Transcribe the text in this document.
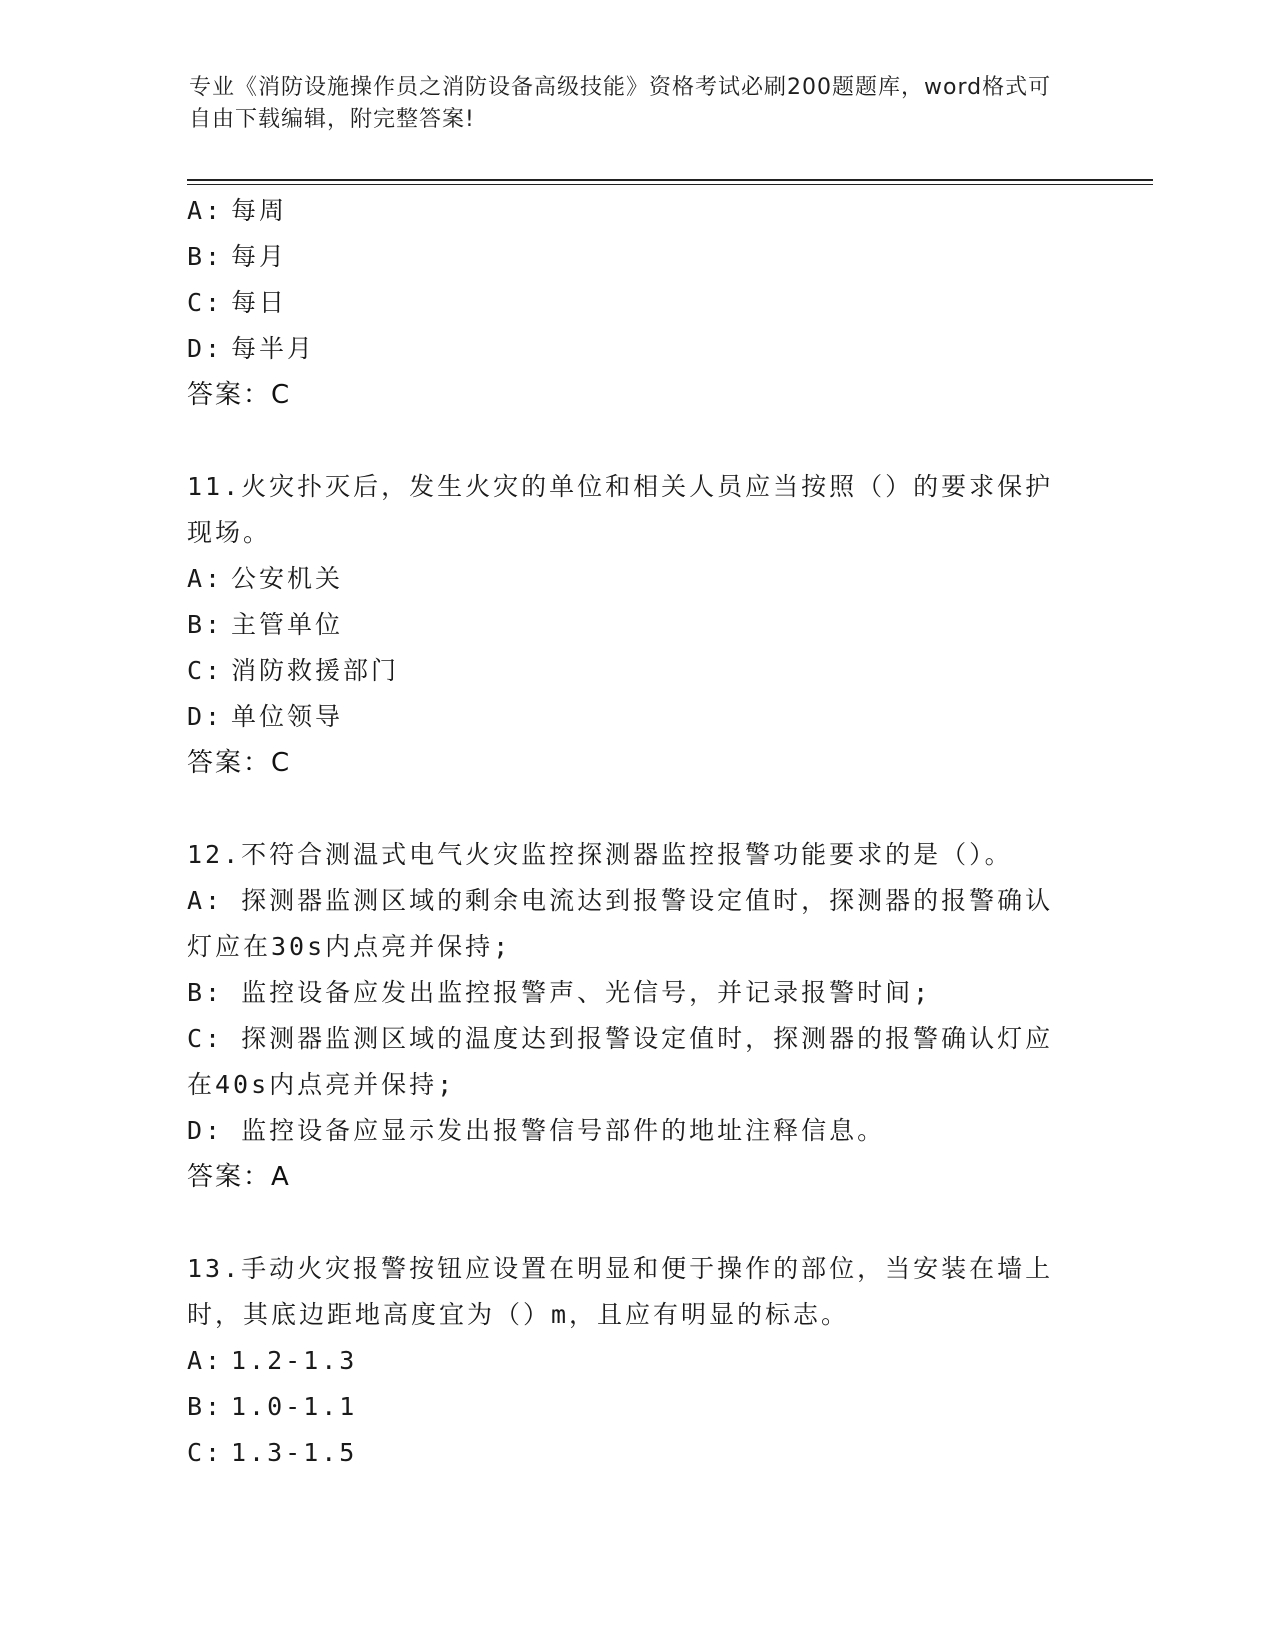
专业《消防设施操作员之消防设备高级技能》资格考试必刷200题题库，word格式可自由下载编辑，附完整答案!
A: 每周
B: 每月
C: 每日
D: 每半月
答案：C
11.火灾扑灭后，发生火灾的单位和相关人员应当按照（）的要求保护
现场。
A: 公安机关
B: 主管单位
C: 消防救援部门
D: 单位领导
答案：C
12.不符合测温式电气火灾监控探测器监控报警功能要求的是（）。
A: 探测器监测区域的剩余电流达到报警设定值时，探测器的报警确认
灯应在30s内点亮并保持;
B: 监控设备应发出监控报警声、光信号，并记录报警时间;
C: 探测器监测区域的温度达到报警设定值时，探测器的报警确认灯应
在40s内点亮并保持;
D: 监控设备应显示发出报警信号部件的地址注释信息。
答案：A
13.手动火灾报警按钮应设置在明显和便于操作的部位，当安装在墙上
时，其底边距地高度宜为（）m，且应有明显的标志。
A: 1.2-1.3
B: 1.0-1.1
C: 1.3-1.5
